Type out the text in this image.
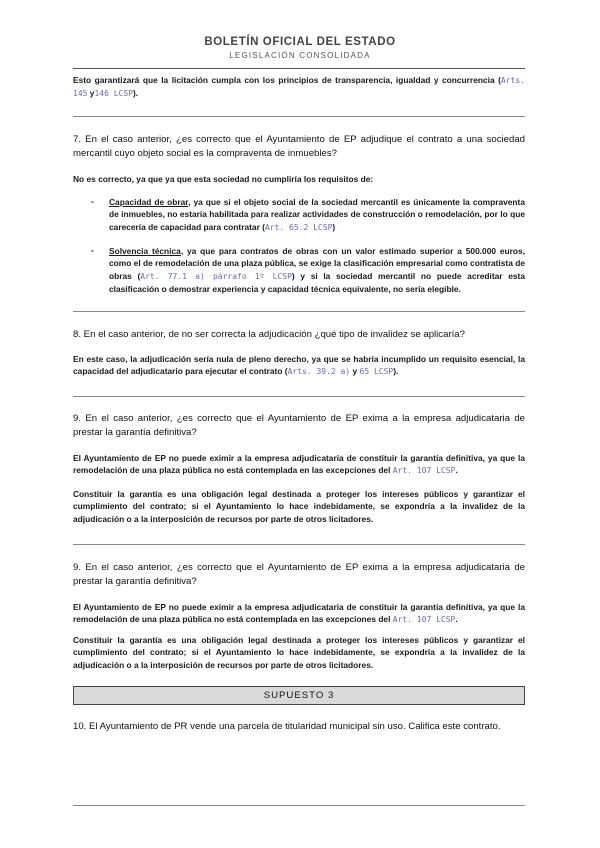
BOLETÍN OFICIAL DEL ESTADO
LEGISLACIÓN CONSOLIDADA
Esto garantizará que la licitación cumpla con los principios de transparencia, igualdad y concurrencia (Arts. 145 y146 LCSP).
7. En el caso anterior, ¿es correcto que el Ayuntamiento de EP adjudique el contrato a una sociedad mercantil cuyo objeto social es la compraventa de inmuebles?
No es correcto, ya que ya que esta sociedad no cumpliría los requisitos de:
- Capacidad de obrar, ya que si el objeto social de la sociedad mercantil es únicamente la compraventa de inmuebles, no estaría habilitada para realizar actividades de construcción o remodelación, por lo que carecería de capacidad para contratar (Art. 65.2 LCSP)
- Solvencia técnica, ya que para contratos de obras con un valor estimado superior a 500.000 euros, como el de remodelación de una plaza pública, se exige la clasificación empresarial como contratista de obras (Art. 77.1 a) párrafo 1º LCSP) y si la sociedad mercantil no puede acreditar esta clasificación o demostrar experiencia y capacidad técnica equivalente, no sería elegible.
8. En el caso anterior, de no ser correcta la adjudicación ¿qué tipo de invalidez se aplicaría?
En este caso, la adjudicación sería nula de pleno derecho, ya que se habría incumplido un requisito esencial, la capacidad del adjudicatario para ejecutar el contrato (Arts. 39.2 a) y 65 LCSP).
9. En el caso anterior, ¿es correcto que el Ayuntamiento de EP exima a la empresa adjudicataria de prestar la garantía definitiva?
El Ayuntamiento de EP no puede eximir a la empresa adjudicataria de constituir la garantía definitiva, ya que la remodelación de una plaza pública no está contemplada en las excepciones del Art. 107 LCSP.
Constituir la garantía es una obligación legal destinada a proteger los intereses públicos y garantizar el cumplimiento del contrato; si el Ayuntamiento lo hace indebidamente, se expondría a la invalidez de la adjudicación o a la interposición de recursos por parte de otros licitadores.
9. En el caso anterior, ¿es correcto que el Ayuntamiento de EP exima a la empresa adjudicataria de prestar la garantía definitiva?
El Ayuntamiento de EP no puede eximir a la empresa adjudicataria de constituir la garantía definitiva, ya que la remodelación de una plaza pública no está contemplada en las excepciones del Art. 107 LCSP.
Constituir la garantía es una obligación legal destinada a proteger los intereses públicos y garantizar el cumplimiento del contrato; si el Ayuntamiento lo hace indebidamente, se expondría a la invalidez de la adjudicación o a la interposición de recursos por parte de otros licitadores.
SUPUESTO 3
10. El Ayuntamiento de PR vende una parcela de titularidad municipal sin uso. Califica este contrato.
